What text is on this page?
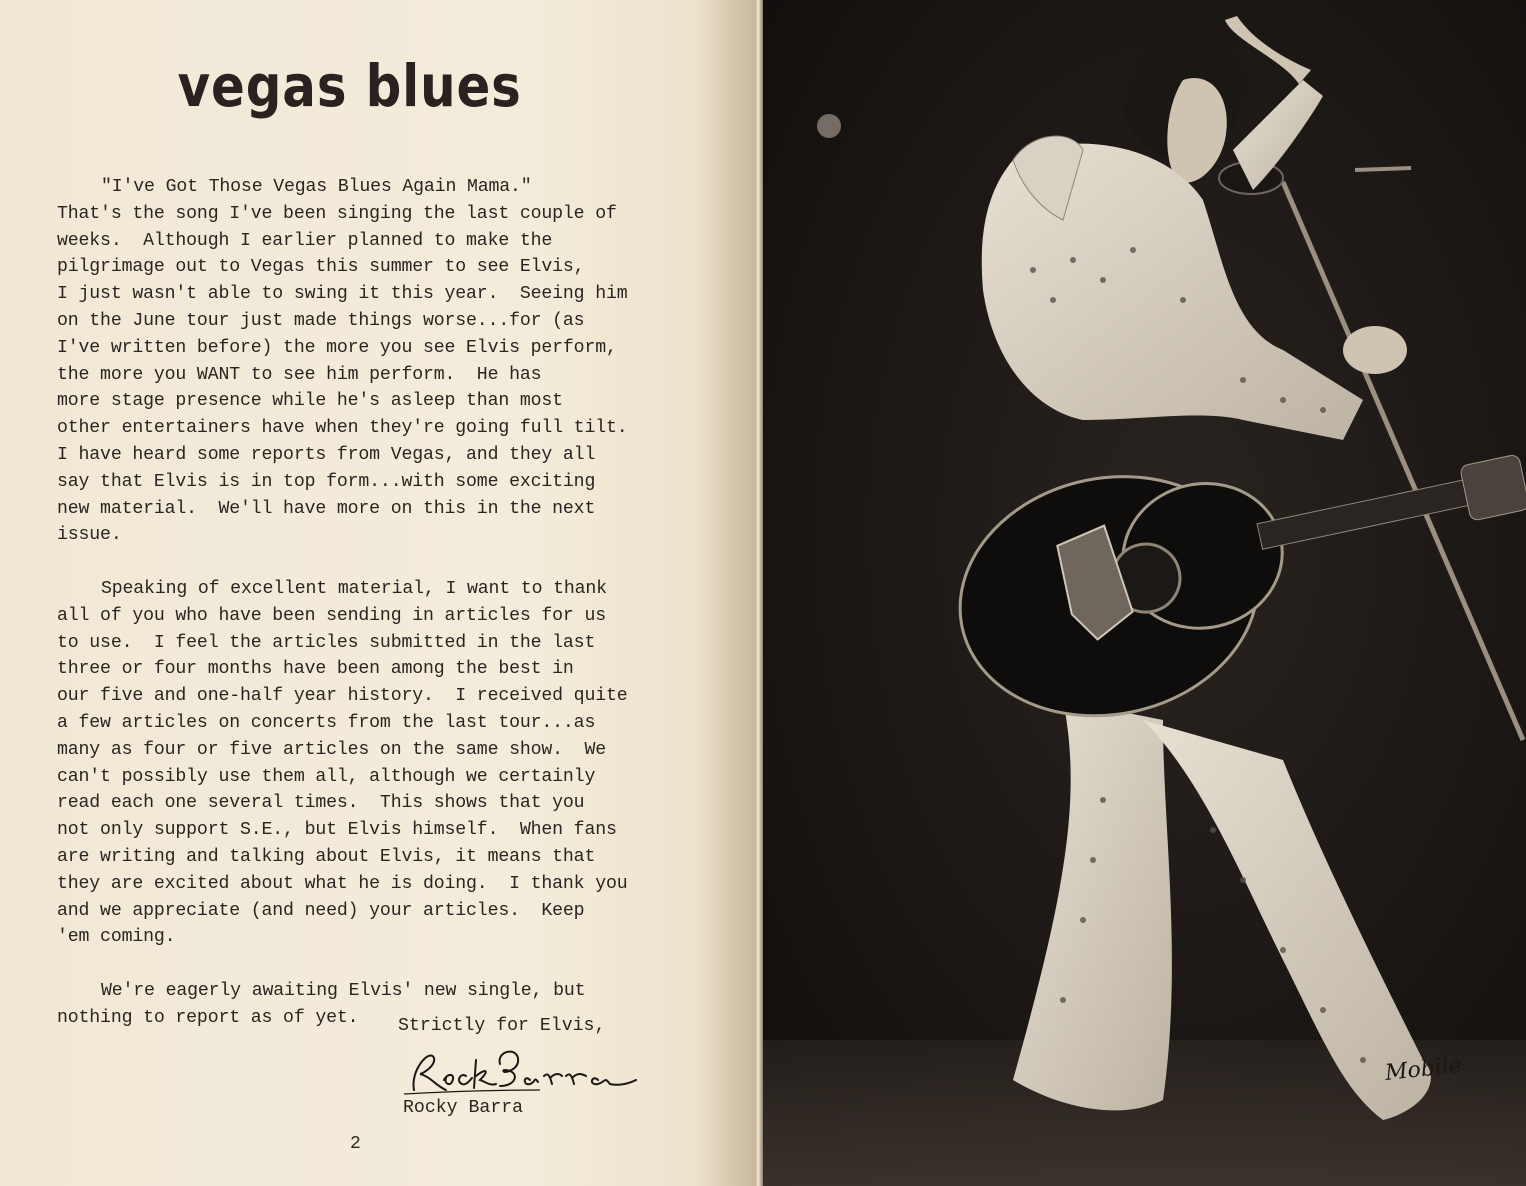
vegas blues

"I've Got Those Vegas Blues Again Mama."
That's the song I've been singing the last couple of
weeks.  Although I earlier planned to make the
pilgrimage out to Vegas this summer to see Elvis,
I just wasn't able to swing it this year.  Seeing him
on the June tour just made things worse...for (as
I've written before) the more you see Elvis perform,
the more you WANT to see him perform.  He has
more stage presence while he's asleep than most
other entertainers have when they're going full tilt.
I have heard some reports from Vegas, and they all
say that Elvis is in top form...with some exciting
new material.  We'll have more on this in the next
issue.

Speaking of excellent material, I want to thank
all of you who have been sending in articles for us
to use.  I feel the articles submitted in the last
three or four months have been among the best in
our five and one-half year history.  I received quite
a few articles on concerts from the last tour...as
many as four or five articles on the same show.  We
can't possibly use them all, although we certainly
read each one several times.  This shows that you
not only support S.E., but Elvis himself.  When fans
are writing and talking about Elvis, it means that
they are excited about what he is doing.  I thank you
and we appreciate (and need) your articles.  Keep
'em coming.

We're eagerly awaiting Elvis' new single, but
nothing to report as of yet.	Strictly for Elvis,
Rocky Barra
2
Mobile
